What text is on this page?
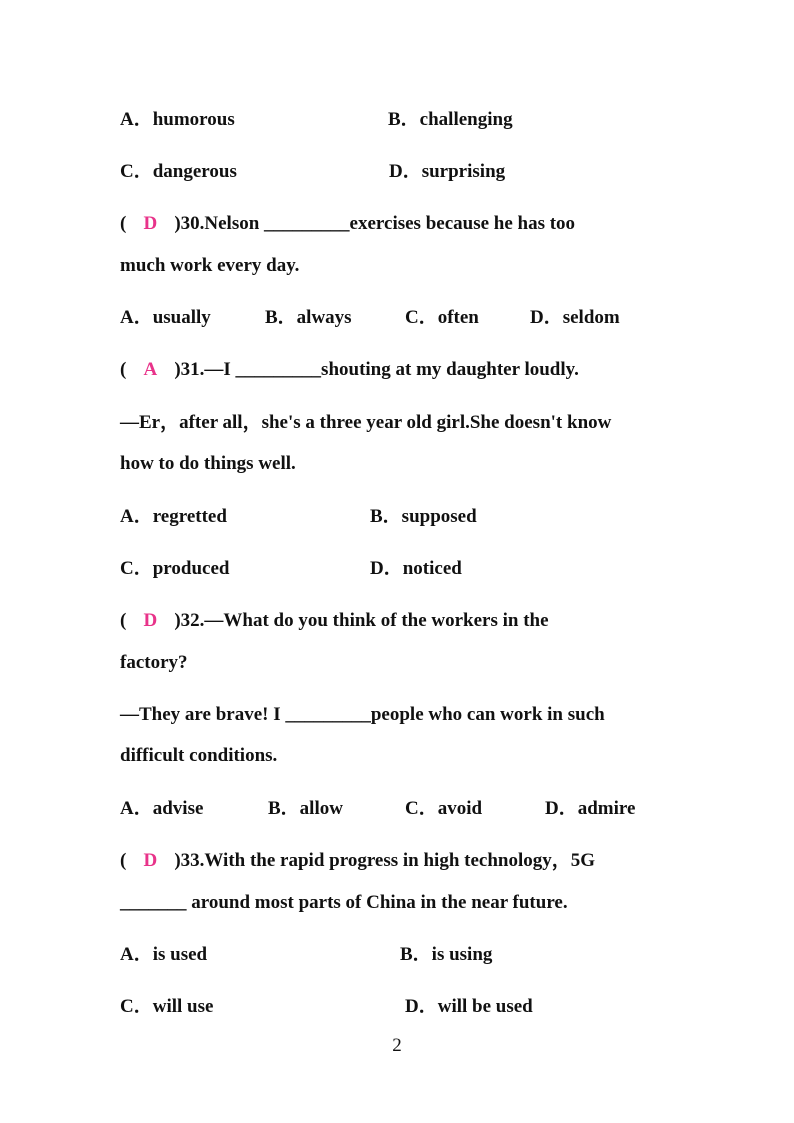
A．humorous	B．challenging
C．dangerous	D．surprising
( D )30.Nelson _________exercises because he has too
much work every day.
A．usually	B．always	C．often	D．seldom
( A )31.—I _________shouting at my daughter loudly.
—Er，after all，she's a three year old girl.She doesn't know
how to do things well.
A．regretted	B．supposed
C．produced	D．noticed
( D )32.—What do you think of the workers in the
factory?
—They are brave! I _________people who can work in such
difficult conditions.
A．advise	B．allow	C．avoid	D．admire
( D )33.With the rapid progress in high technology，5G
_______ around most parts of China in the near future.
A．is used	B．is using
C．will use	D．will be used
2
